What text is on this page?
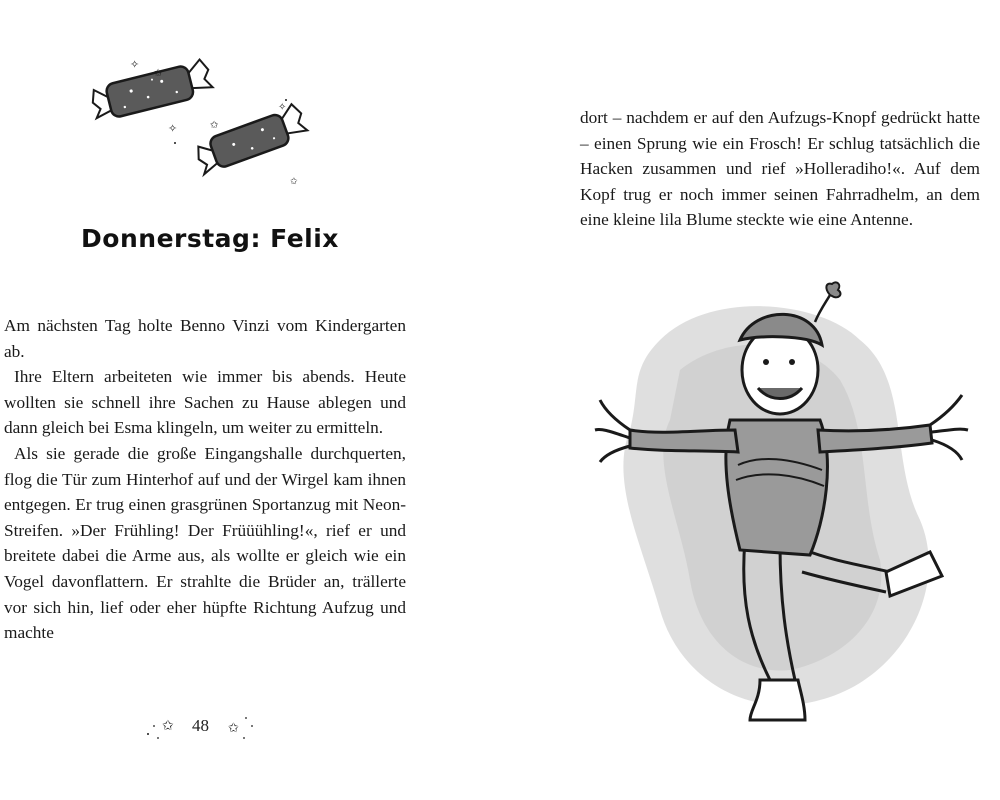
✧
✩
✧	✩
✧
✩
Donnerstag: Felix

Am nächsten Tag holte Benno Vinzi vom Kindergarten ab.

Ihre Eltern arbeiteten wie immer bis abends. Heute wollten sie schnell ihre Sachen zu Hause ablegen und dann gleich bei Esma klingeln, um weiter zu ermitteln.

Als sie gerade die große Eingangshalle durchquerten, flog die Tür zum Hinterhof auf und der Wirgel kam ihnen entgegen. Er trug einen grasgrünen Sportanzug mit Neon-Streifen. »Der Frühling! Der Früüühling!«, rief er und breitete dabei die Arme aus, als wollte er gleich wie ein Vogel davonflattern. Er strahlte die Brüder an, trällerte vor sich hin, lief oder eher hüpfte Richtung Aufzug und machte

✩	✩
48

dort – nachdem er auf den Aufzugs-Knopf gedrückt hatte – einen Sprung wie ein Frosch! Er schlug tatsächlich die Hacken zusammen und rief »Holleradiho!«. Auf dem Kopf trug er noch immer seinen Fahrradhelm, an dem eine kleine lila Blume steckte wie eine Antenne.
